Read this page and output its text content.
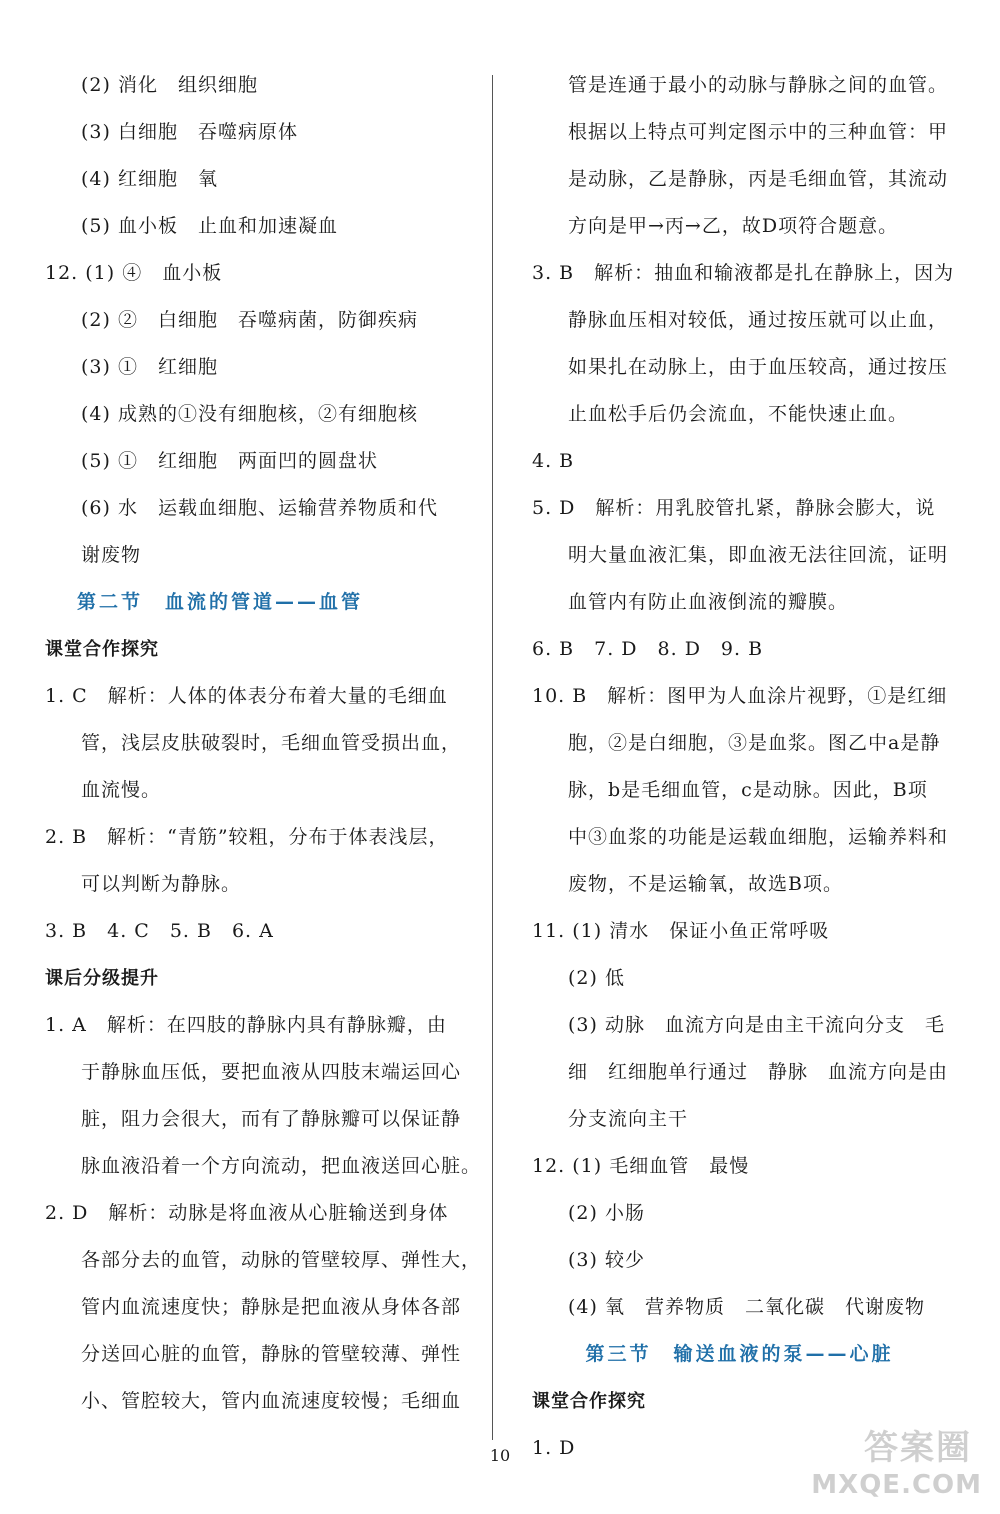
(2) 消化　组织细胞
(3) 白细胞　吞噬病原体
(4) 红细胞　氧
(5) 血小板　止血和加速凝血
12. (1) ④　血小板
(2) ②　白细胞　吞噬病菌，防御疾病
(3) ①　红细胞
(4) 成熟的①没有细胞核，②有细胞核
(5) ①　红细胞　两面凹的圆盘状
(6) 水　运载血细胞、运输营养物质和代
谢废物
第二节　血流的管道——血管
课堂合作探究
1. C　解析：人体的体表分布着大量的毛细血
管，浅层皮肤破裂时，毛细血管受损出血，
血流慢。
2. B　解析：“青筋”较粗，分布于体表浅层，
可以判断为静脉。
3. B　4. C　5. B　6. A
课后分级提升
1. A　解析：在四肢的静脉内具有静脉瓣，由
于静脉血压低，要把血液从四肢末端运回心
脏，阻力会很大，而有了静脉瓣可以保证静
脉血液沿着一个方向流动，把血液送回心脏。
2. D　解析：动脉是将血液从心脏输送到身体
各部分去的血管，动脉的管壁较厚、弹性大，
管内血流速度快；静脉是把血液从身体各部
分送回心脏的血管，静脉的管壁较薄、弹性
小、管腔较大，管内血流速度较慢；毛细血
管是连通于最小的动脉与静脉之间的血管。
根据以上特点可判定图示中的三种血管：甲
是动脉，乙是静脉，丙是毛细血管，其流动
方向是甲→丙→乙，故D项符合题意。
3. B　解析：抽血和输液都是扎在静脉上，因为
静脉血压相对较低，通过按压就可以止血，
如果扎在动脉上，由于血压较高，通过按压
止血松手后仍会流血，不能快速止血。
4. B
5. D　解析：用乳胶管扎紧，静脉会膨大，说
明大量血液汇集，即血液无法往回流，证明
血管内有防止血液倒流的瓣膜。
6. B　7. D　8. D　9. B
10. B　解析：图甲为人血涂片视野，①是红细
胞，②是白细胞，③是血浆。图乙中a是静
脉，b是毛细血管，c是动脉。因此，B项
中③血浆的功能是运载血细胞，运输养料和
废物，不是运输氧，故选B项。
11. (1) 清水　保证小鱼正常呼吸
(2) 低
(3) 动脉　血流方向是由主干流向分支　毛
细　红细胞单行通过　静脉　血流方向是由
分支流向主干
12. (1) 毛细血管　最慢
(2) 小肠
(3) 较少
(4) 氧　营养物质　二氧化碳　代谢废物
第三节　输送血液的泵——心脏
课堂合作探究
1. D
10	答案圈
MXQE.COM
